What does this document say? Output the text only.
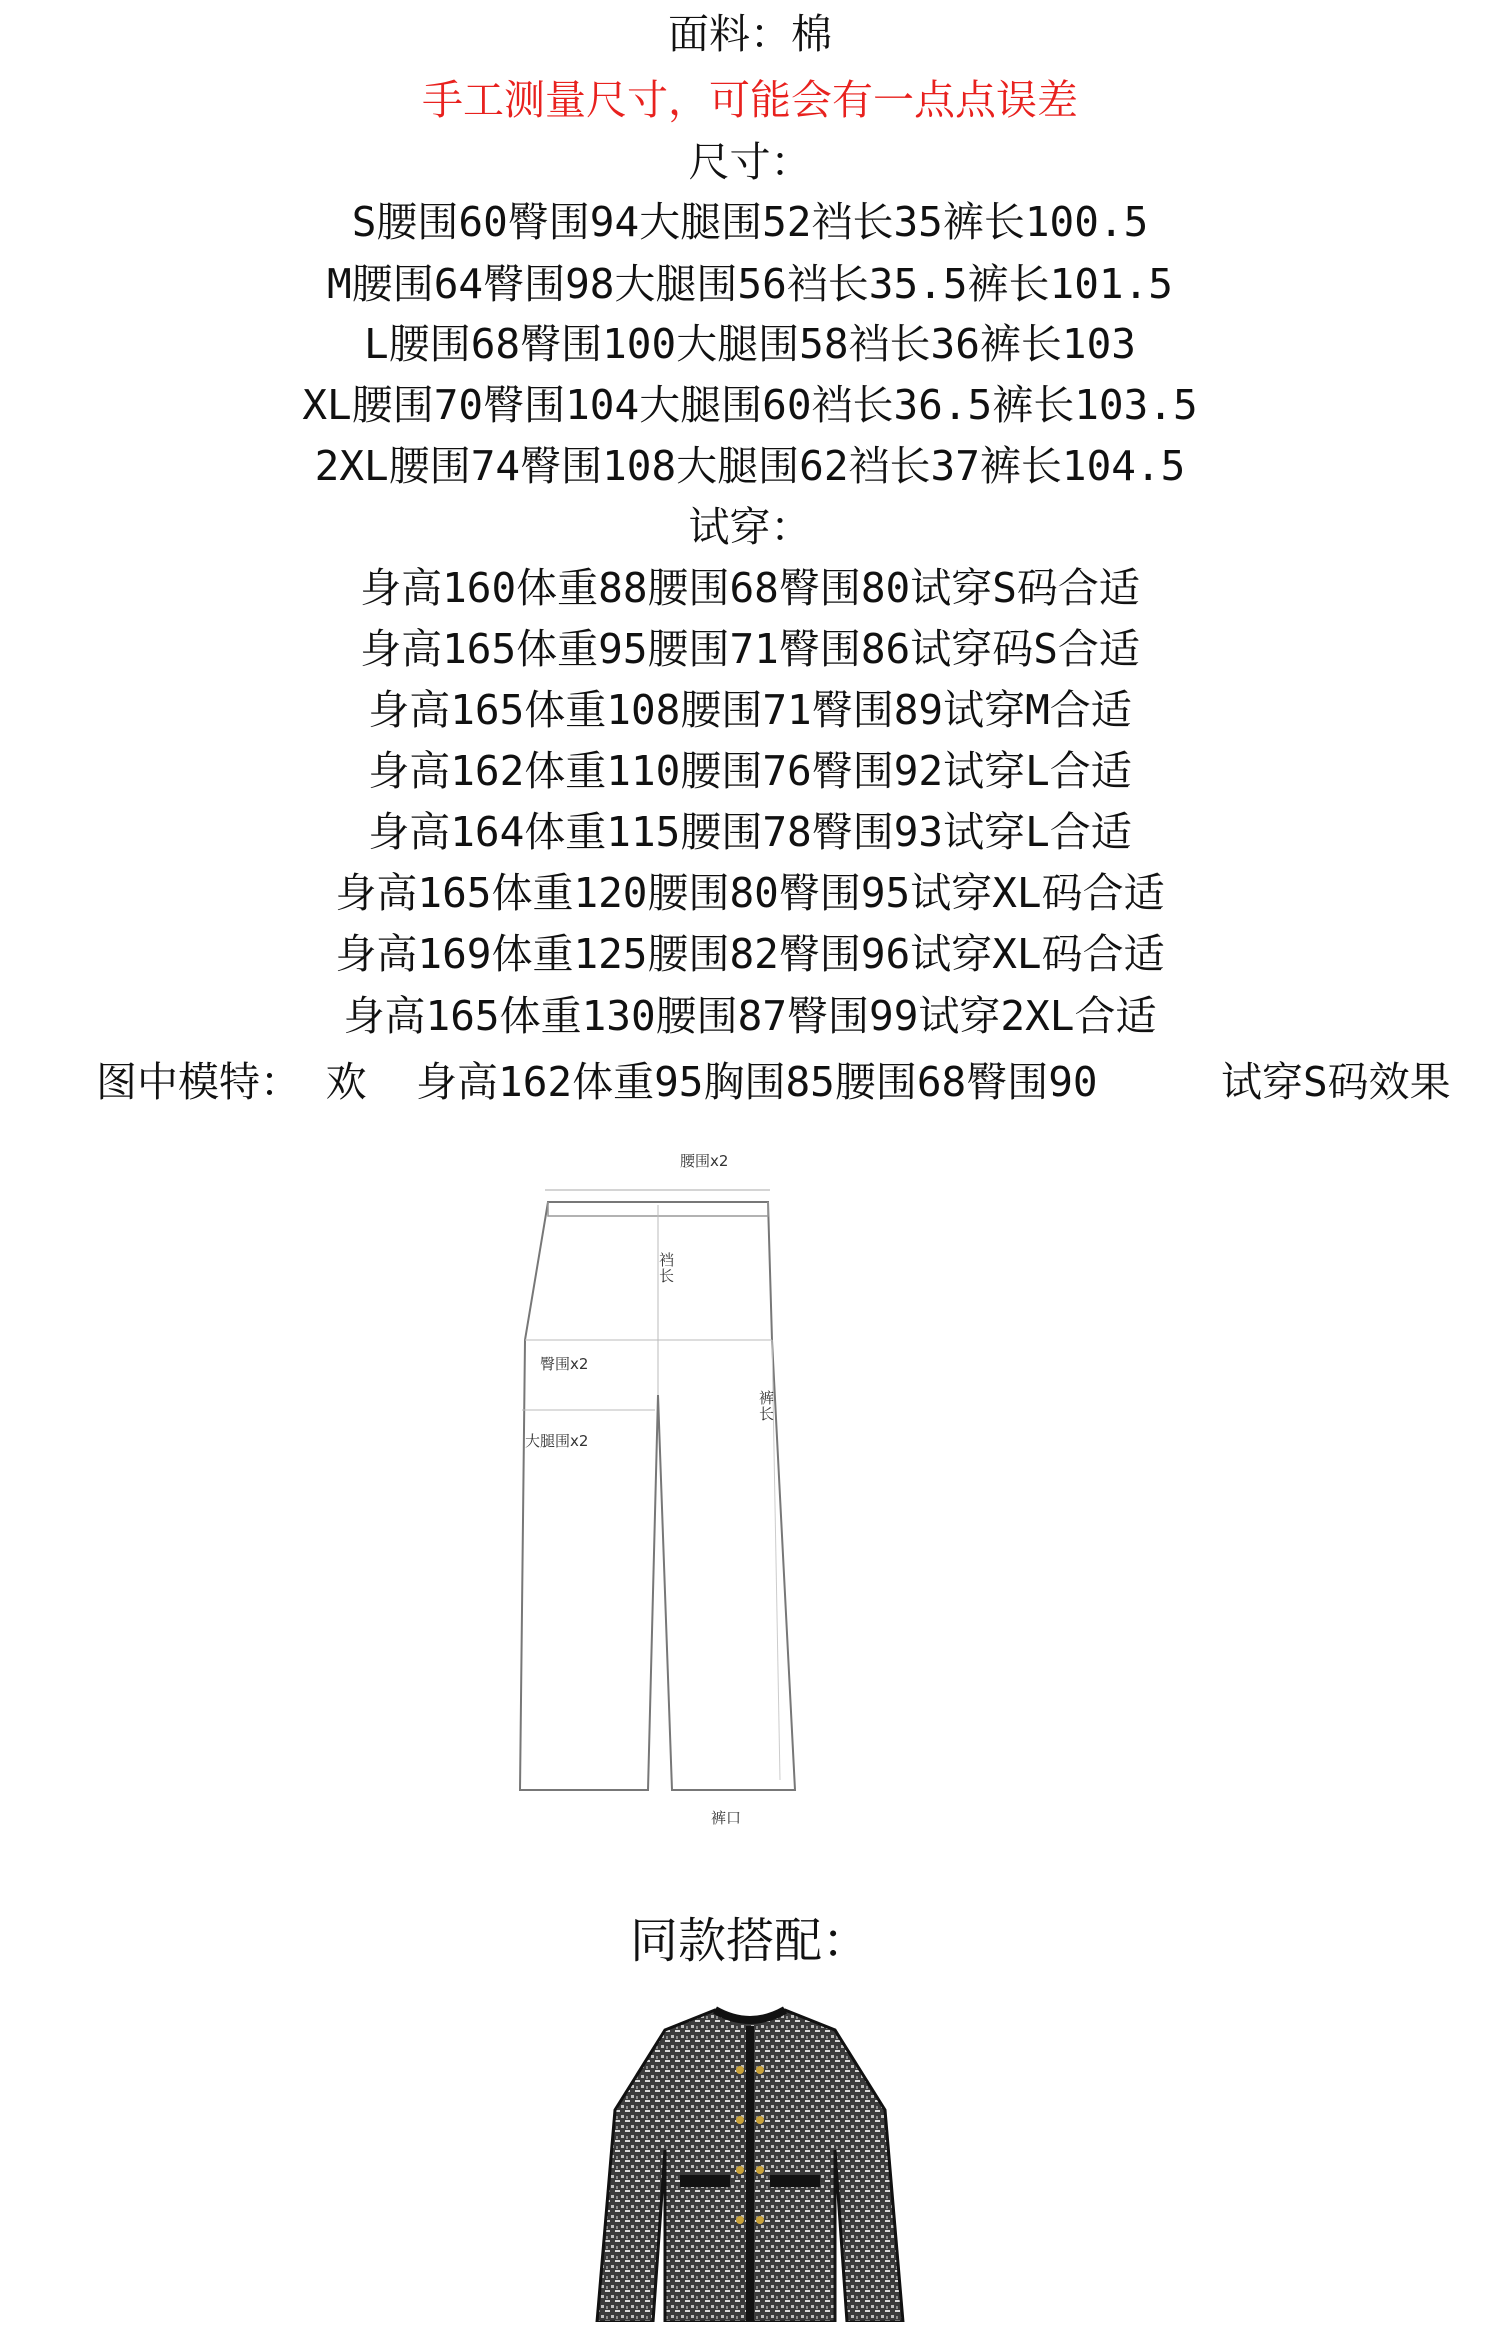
面料：棉
手工测量尺寸，可能会有一点点误差
尺寸：
S腰围60臀围94大腿围52裆长35裤长100.5
M腰围64臀围98大腿围56裆长35.5裤长101.5
L腰围68臀围100大腿围58裆长36裤长103
XL腰围70臀围104大腿围60裆长36.5裤长103.5
2XL腰围74臀围108大腿围62裆长37裤长104.5
试穿：
身高160体重88腰围68臀围80试穿S码合适
身高165体重95腰围71臀围86试穿码S合适
身高165体重108腰围71臀围89试穿M合适
身高162体重110腰围76臀围92试穿L合适
身高164体重115腰围78臀围93试穿L合适
身高165体重120腰围80臀围95试穿XL码合适
身高169体重125腰围82臀围96试穿XL码合适
身高165体重130腰围87臀围99试穿2XL合适
图中模特： 欢  身高162体重95胸围85腰围68臀围90     试穿S码效果
腰围x2
裆长
臀围x2
裤长
大腿围x2
裤口
同款搭配：
